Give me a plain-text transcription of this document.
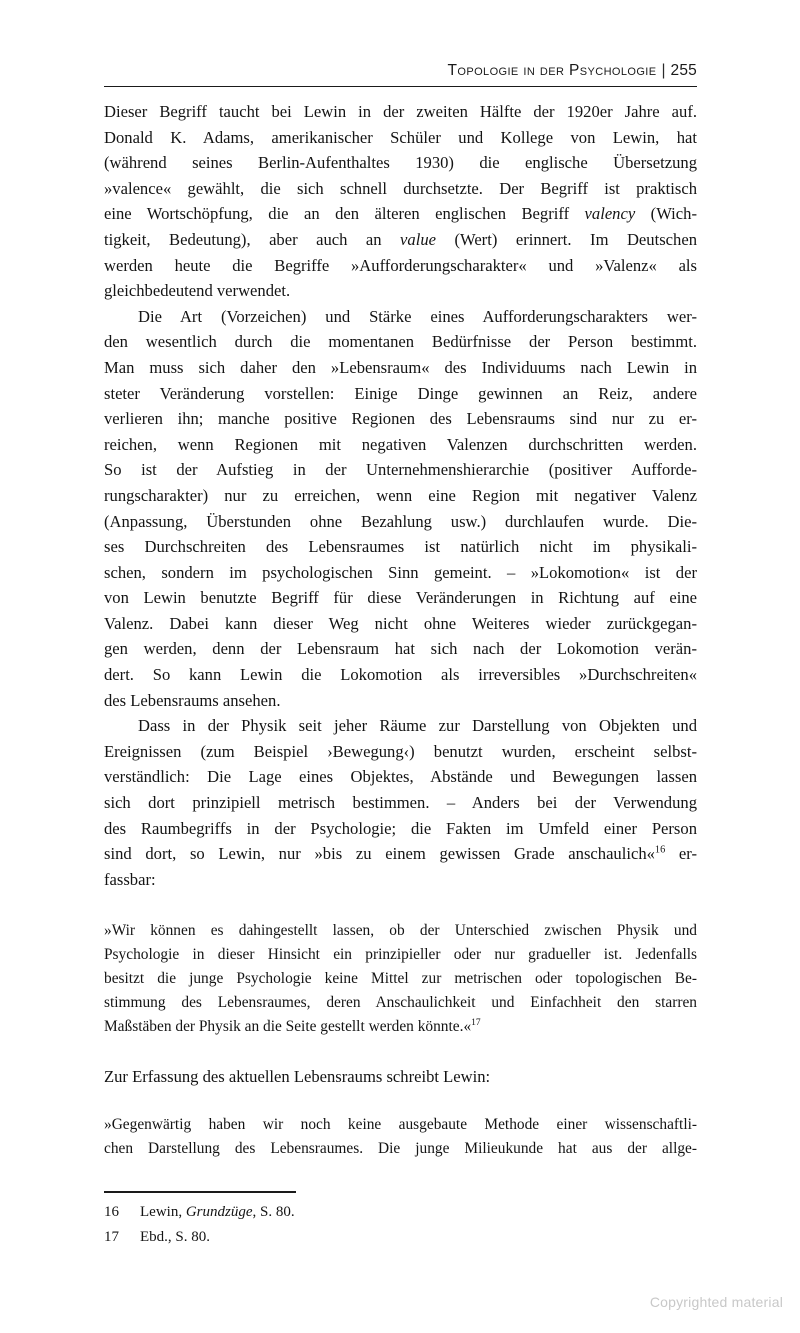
Topologie in der Psychologie | 255
Dieser Begriff taucht bei Lewin in der zweiten Hälfte der 1920er Jahre auf.
Donald K. Adams, amerikanischer Schüler und Kollege von Lewin, hat
(während seines Berlin-Aufenthaltes 1930) die englische Übersetzung
»valence« gewählt, die sich schnell durchsetzte. Der Begriff ist praktisch
eine Wortschöpfung, die an den älteren englischen Begriff valency (Wich-
tigkeit, Bedeutung), aber auch an value (Wert) erinnert. Im Deutschen
werden heute die Begriffe »Aufforderungscharakter« und »Valenz« als
gleichbedeutend verwendet.
Die Art (Vorzeichen) und Stärke eines Aufforderungscharakters wer-
den wesentlich durch die momentanen Bedürfnisse der Person bestimmt.
Man muss sich daher den »Lebensraum« des Individuums nach Lewin in
steter Veränderung vorstellen: Einige Dinge gewinnen an Reiz, andere
verlieren ihn; manche positive Regionen des Lebensraums sind nur zu er-
reichen, wenn Regionen mit negativen Valenzen durchschritten werden.
So ist der Aufstieg in der Unternehmenshierarchie (positiver Aufforde-
rungscharakter) nur zu erreichen, wenn eine Region mit negativer Valenz
(Anpassung, Überstunden ohne Bezahlung usw.) durchlaufen wurde. Die-
ses Durchschreiten des Lebensraumes ist natürlich nicht im physikali-
schen, sondern im psychologischen Sinn gemeint. – »Lokomotion« ist der
von Lewin benutzte Begriff für diese Veränderungen in Richtung auf eine
Valenz. Dabei kann dieser Weg nicht ohne Weiteres wieder zurückgegan-
gen werden, denn der Lebensraum hat sich nach der Lokomotion verän-
dert. So kann Lewin die Lokomotion als irreversibles »Durchschreiten«
des Lebensraums ansehen.
Dass in der Physik seit jeher Räume zur Darstellung von Objekten und
Ereignissen (zum Beispiel ›Bewegung‹) benutzt wurden, erscheint selbst-
verständlich: Die Lage eines Objektes, Abstände und Bewegungen lassen
sich dort prinzipiell metrisch bestimmen. – Anders bei der Verwendung
des Raumbegriffs in der Psychologie; die Fakten im Umfeld einer Person
sind dort, so Lewin, nur »bis zu einem gewissen Grade anschaulich«$^{16}$ er-
fassbar:
»Wir können es dahingestellt lassen, ob der Unterschied zwischen Physik und
Psychologie in dieser Hinsicht ein prinzipieller oder nur gradueller ist. Jedenfalls
besitzt die junge Psychologie keine Mittel zur metrischen oder topologischen Be-
stimmung des Lebensraumes, deren Anschaulichkeit und Einfachheit den starren
Maßstäben der Physik an die Seite gestellt werden könnte.«$^{17}$
Zur Erfassung des aktuellen Lebensraums schreibt Lewin:
»Gegenwärtig haben wir noch keine ausgebaute Methode einer wissenschaftli-
chen Darstellung des Lebensraumes. Die junge Milieukunde hat aus der allge-
16	Lewin, Grundzüge, S. 80.
17	Ebd., S. 80.
Copyrighted material
